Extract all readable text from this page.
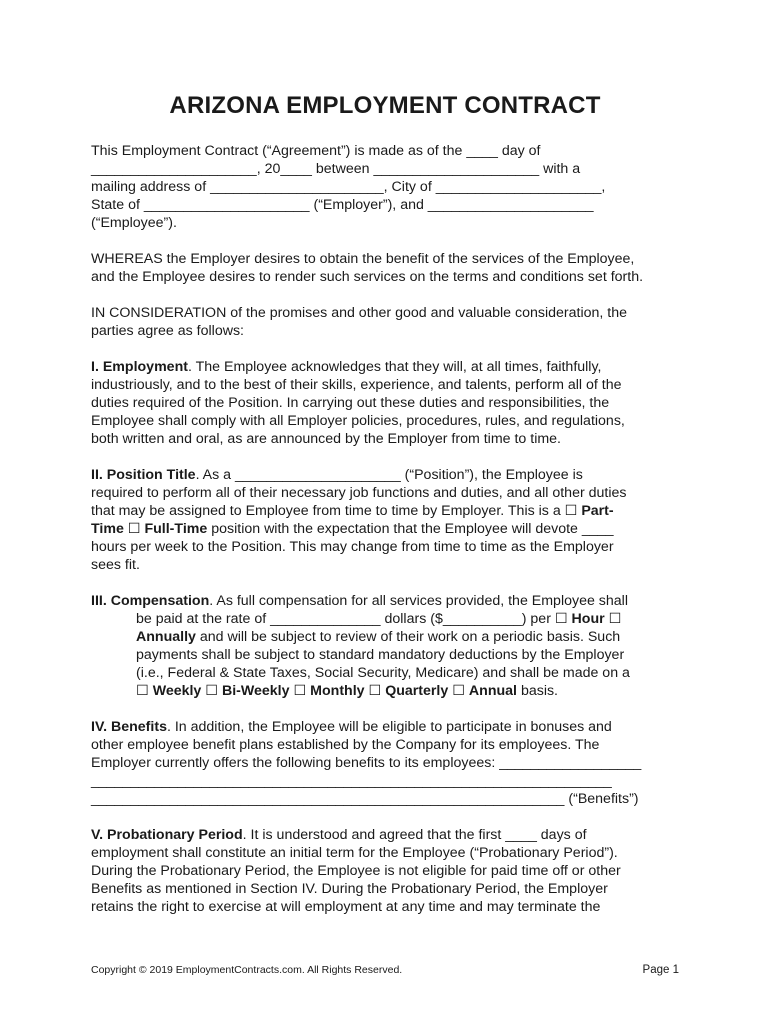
ARIZONA EMPLOYMENT CONTRACT
This Employment Contract (“Agreement”) is made as of the ____ day of
_____________________, 20____ between _____________________ with a
mailing address of ______________________, City of _____________________,
State of _____________________ (“Employer”), and _____________________
(“Employee”).
WHEREAS the Employer desires to obtain the benefit of the services of the Employee,
and the Employee desires to render such services on the terms and conditions set forth.
IN CONSIDERATION of the promises and other good and valuable consideration, the
parties agree as follows:
I. Employment. The Employee acknowledges that they will, at all times, faithfully,
industriously, and to the best of their skills, experience, and talents, perform all of the
duties required of the Position. In carrying out these duties and responsibilities, the
Employee shall comply with all Employer policies, procedures, rules, and regulations,
both written and oral, as are announced by the Employer from time to time.
II. Position Title. As a _____________________ (“Position”), the Employee is
required to perform all of their necessary job functions and duties, and all other duties
that may be assigned to Employee from time to time by Employer. This is a ☐ Part-
Time ☐ Full-Time position with the expectation that the Employee will devote ____
hours per week to the Position. This may change from time to time as the Employer
sees fit.
III. Compensation. As full compensation for all services provided, the Employee shall
be paid at the rate of ______________ dollars ($__________) per ☐ Hour ☐
Annually and will be subject to review of their work on a periodic basis. Such
payments shall be subject to standard mandatory deductions by the Employer
(i.e., Federal & State Taxes, Social Security, Medicare) and shall be made on a
☐ Weekly ☐ Bi-Weekly ☐ Monthly ☐ Quarterly ☐ Annual basis.
IV. Benefits. In addition, the Employee will be eligible to participate in bonuses and
other employee benefit plans established by the Company for its employees. The
Employer currently offers the following benefits to its employees: __________________
__________________________________________________________________
____________________________________________________________ (“Benefits”)
V. Probationary Period. It is understood and agreed that the first ____ days of
employment shall constitute an initial term for the Employee (“Probationary Period”).
During the Probationary Period, the Employee is not eligible for paid time off or other
Benefits as mentioned in Section IV. During the Probationary Period, the Employer
retains the right to exercise at will employment at any time and may terminate the
Copyright © 2019 EmploymentContracts.com. All Rights Reserved.	Page 1
